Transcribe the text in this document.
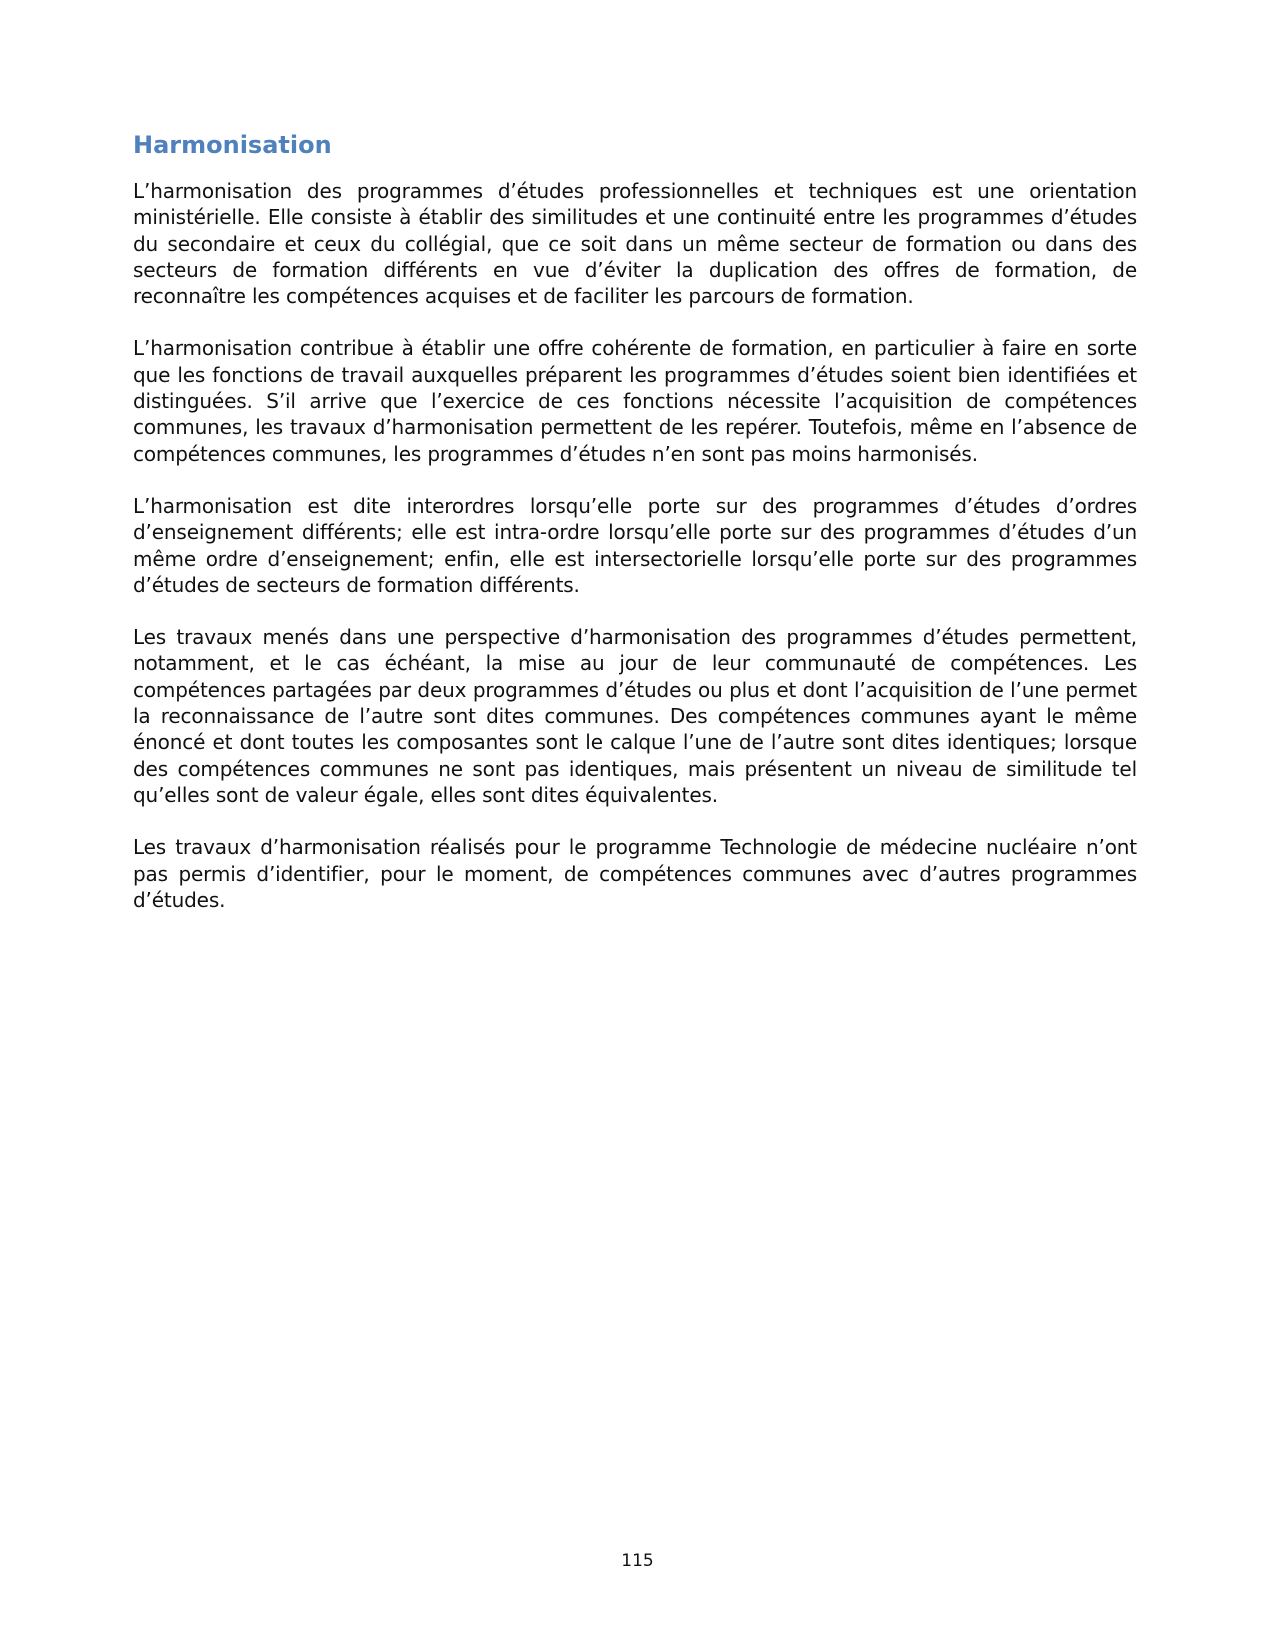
Harmonisation

L’harmonisation des programmes d’études professionnelles et techniques est une orientation ministérielle. Elle consiste à établir des similitudes et une continuité entre les programmes d’études du secondaire et ceux du collégial, que ce soit dans un même secteur de formation ou dans des secteurs de formation différents en vue d’éviter la duplication des offres de formation, de reconnaître les compétences acquises et de faciliter les parcours de formation.

L’harmonisation contribue à établir une offre cohérente de formation, en particulier à faire en sorte que les fonctions de travail auxquelles préparent les programmes d’études soient bien identifiées et distinguées. S’il arrive que l’exercice de ces fonctions nécessite l’acquisition de compétences communes, les travaux d’harmonisation permettent de les repérer. Toutefois, même en l’absence de compétences communes, les programmes d’études n’en sont pas moins harmonisés.

L’harmonisation est dite interordres lorsqu’elle porte sur des programmes d’études d’ordres d’enseignement différents; elle est intra-ordre lorsqu’elle porte sur des programmes d’études d’un même ordre d’enseignement; enfin, elle est intersectorielle lorsqu’elle porte sur des programmes d’études de secteurs de formation différents.

Les travaux menés dans une perspective d’harmonisation des programmes d’études permettent, notamment, et le cas échéant, la mise au jour de leur communauté de compétences. Les compétences partagées par deux programmes d’études ou plus et dont l’acquisition de l’une permet la reconnaissance de l’autre sont dites communes. Des compétences communes ayant le même énoncé et dont toutes les composantes sont le calque l’une de l’autre sont dites identiques; lorsque des compétences communes ne sont pas identiques, mais présentent un niveau de similitude tel qu’elles sont de valeur égale, elles sont dites équivalentes.

Les travaux d’harmonisation réalisés pour le programme Technologie de médecine nucléaire n’ont pas permis d’identifier, pour le moment, de compétences communes avec d’autres programmes d’études.

115
